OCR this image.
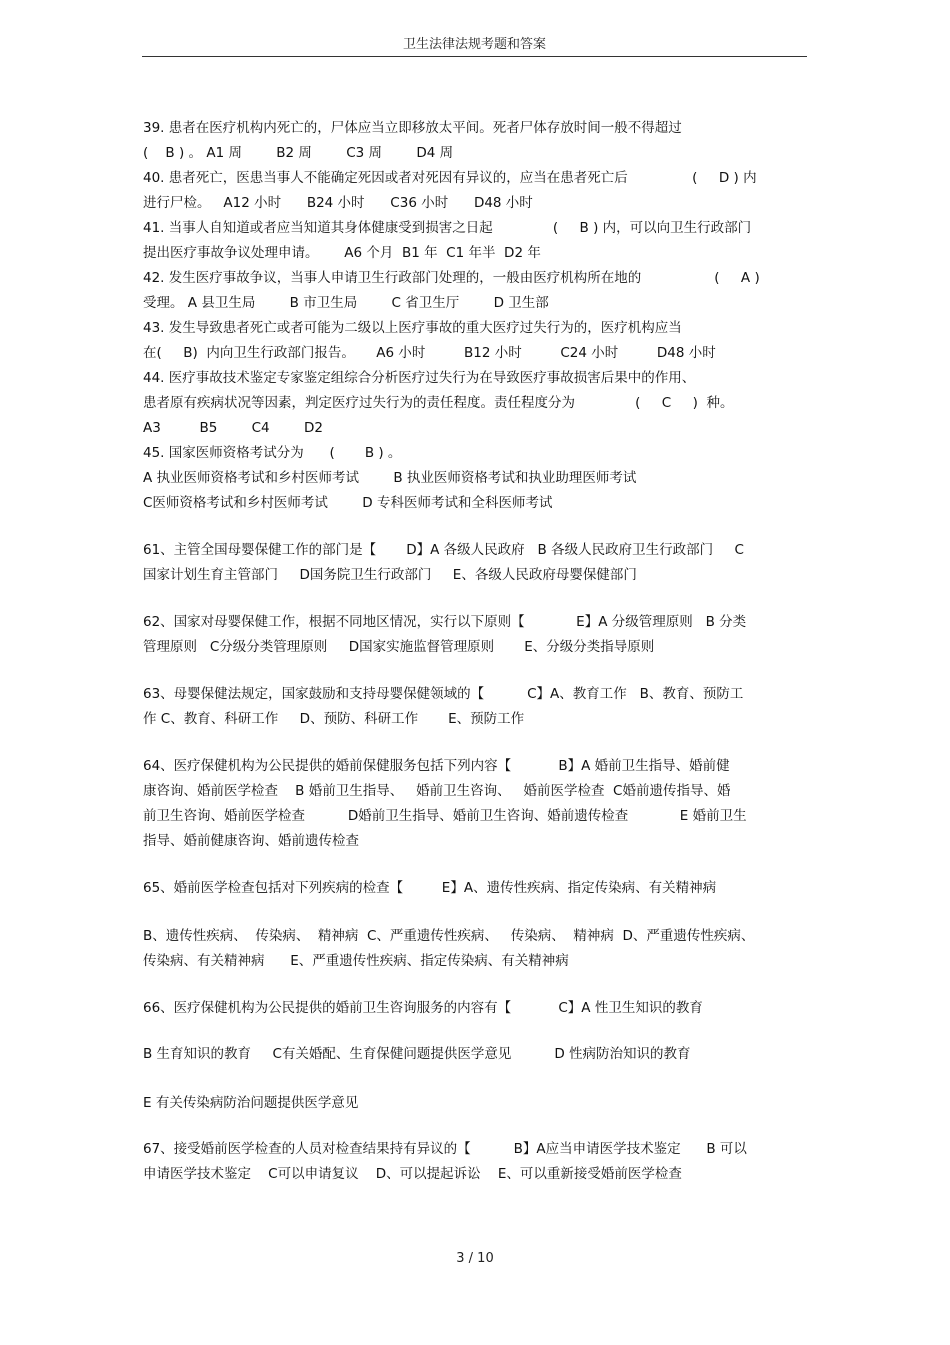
卫生法律法规考题和答案
39. 患者在医疗机构内死亡的，尸体应当立即移放太平间。死者尸体存放时间一般不得超过
(    B ) 。 A1 周        B2 周        C3 周        D4 周
40. 患者死亡，医患当事人不能确定死因或者对死因有异议的，应当在患者死亡后               (     D ) 内
进行尸检。   A12 小时      B24 小时      C36 小时      D48 小时
41. 当事人自知道或者应当知道其身体健康受到损害之日起              (     B ) 内，可以向卫生行政部门
提出医疗事故争议处理申请。      A6 个月  B1 年  C1 年半  D2 年
42. 发生医疗事故争议，当事人申请卫生行政部门处理的，一般由医疗机构所在地的                 (     A )
受理。 A 县卫生局        B 市卫生局        C 省卫生厅        D 卫生部
43. 发生导致患者死亡或者可能为二级以上医疗事故的重大医疗过失行为的，医疗机构应当
在(     B)  内向卫生行政部门报告。     A6 小时         B12 小时         C24 小时         D48 小时
44. 医疗事故技术鉴定专家鉴定组综合分析医疗过失行为在导致医疗事故损害后果中的作用、
患者原有疾病状况等因素，判定医疗过失行为的责任程度。责任程度分为              (     C     )  种。
A3         B5        C4        D2
45. 国家医师资格考试分为      (       B ) 。
A 执业医师资格考试和乡村医师考试        B 执业医师资格考试和执业助理医师考试
C医师资格考试和乡村医师考试        D 专科医师考试和全科医师考试
61、主管全国母婴保健工作的部门是【       D】A 各级人民政府   B 各级人民政府卫生行政部门     C
国家计划生育主管部门     D国务院卫生行政部门     E、各级人民政府母婴保健部门
62、国家对母婴保健工作，根据不同地区情况，实行以下原则【            E】A 分级管理原则   B 分类
管理原则   C分级分类管理原则     D国家实施监督管理原则       E、分级分类指导原则
63、母婴保健法规定，国家鼓励和支持母婴保健领域的【          C】A、教育工作   B、教育、预防工
作 C、教育、科研工作     D、预防、科研工作       E、预防工作
64、医疗保健机构为公民提供的婚前保健服务包括下列内容【           B】A 婚前卫生指导、婚前健
康咨询、婚前医学检查    B 婚前卫生指导、   婚前卫生咨询、   婚前医学检查  C婚前遗传指导、婚
前卫生咨询、婚前医学检查          D婚前卫生指导、婚前卫生咨询、婚前遗传检查            E 婚前卫生
指导、婚前健康咨询、婚前遗传检查
65、婚前医学检查包括对下列疾病的检查【         E】A、遗传性疾病、指定传染病、有关精神病
B、遗传性疾病、  传染病、  精神病  C、严重遗传性疾病、   传染病、  精神病  D、严重遗传性疾病、
传染病、有关精神病      E、严重遗传性疾病、指定传染病、有关精神病
66、医疗保健机构为公民提供的婚前卫生咨询服务的内容有【           C】A 性卫生知识的教育
B 生育知识的教育     C有关婚配、生育保健问题提供医学意见          D 性病防治知识的教育
E 有关传染病防治问题提供医学意见
67、接受婚前医学检查的人员对检查结果持有异议的【          B】A应当申请医学技术鉴定      B 可以
申请医学技术鉴定    C可以申请复议    D、可以提起诉讼    E、可以重新接受婚前医学检查
3 / 10
